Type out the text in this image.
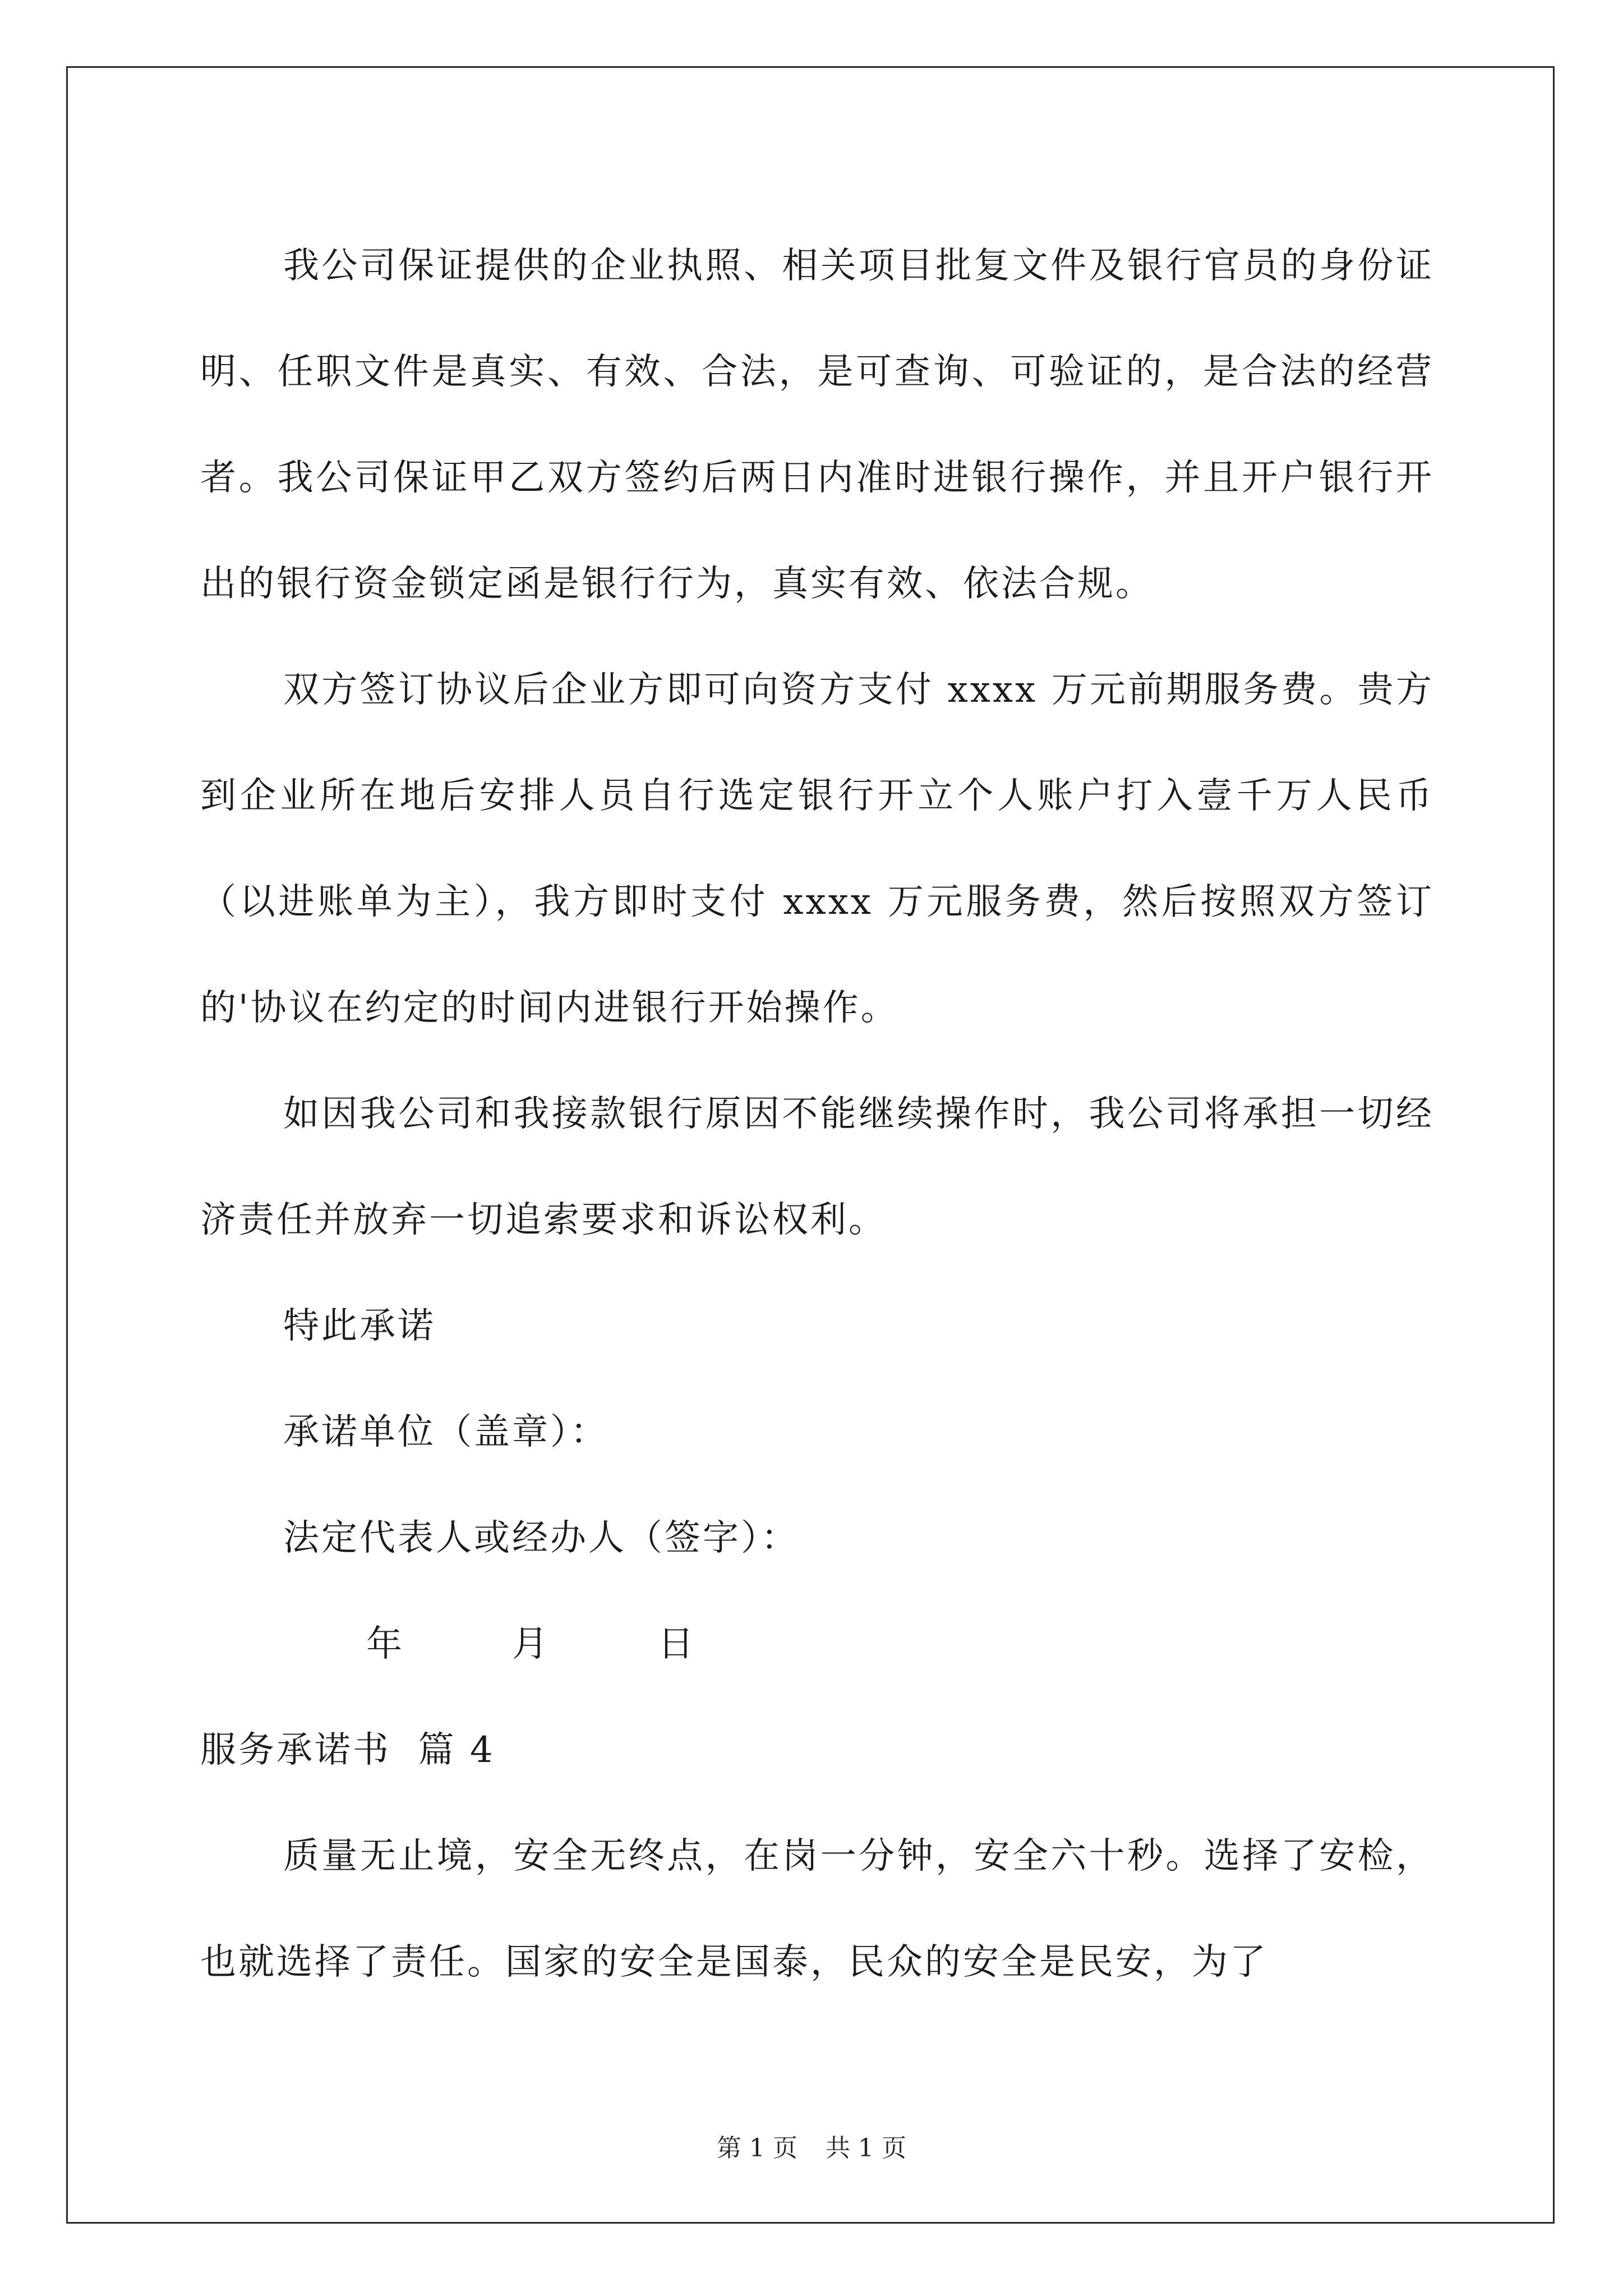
我公司保证提供的企业执照、相关项目批复文件及银行官员的身份证明、任职文件是真实、有效、合法，是可查询、可验证的，是合法的经营者。我公司保证甲乙双方签约后两日内准时进银行操作，并且开户银行开出的银行资金锁定函是银行行为，真实有效、依法合规。

双方签订协议后企业方即可向资方支付 xxxx 万元前期服务费。贵方到企业所在地后安排人员自行选定银行开立个人账户打入壹千万人民币（以进账单为主），我方即时支付 xxxx 万元服务费，然后按照双方签订的'协议在约定的时间内进银行开始操作。

如因我公司和我接款银行原因不能继续操作时，我公司将承担一切经济责任并放弃一切追索要求和诉讼权利。

特此承诺

承诺单位（盖章）：

法定代表人或经办人（签字）：

年	月	日

服务承诺书  篇 4

质量无止境，安全无终点，在岗一分钟，安全六十秒。选择了安检，也就选择了责任。国家的安全是国泰，民众的安全是民安，为了

第 1 页 共 1 页
